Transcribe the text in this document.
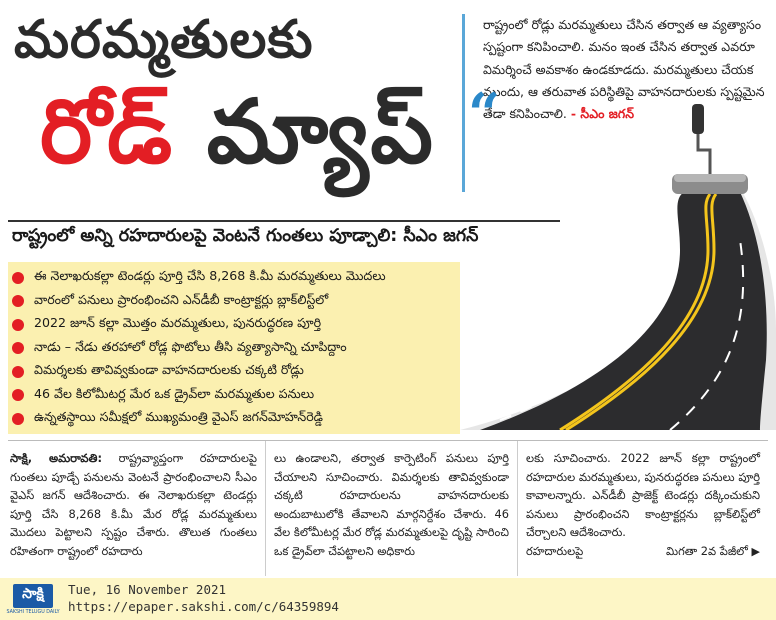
మరమ్మతులకు
రోడ్ మ్యాప్

రాష్ట్రంలో రోడ్లు మరమ్మతులు చేసిన తర్వాత ఆ వ్యత్యాసం స్పష్టంగా కనిపించాలి. మనం ఇంత చేసిన తర్వాత ఎవరూ విమర్శించే అవకాశం ఉండకూడదు. మరమ్మతులు చేయక ముందు, ఆ తరువాత పరిస్థితిపై వాహనదారులకు స్పష్టమైన తేడా కనిపించాలి. - సీఎం జగన్

“
రాష్ట్రంలో అన్ని రహదారులపై వెంటనే గుంతలు పూడ్చాలి: సీఎం జగన్
ఈ నెలాఖరుకల్లా టెండర్లు పూర్తి చేసి 8,268 కి.మీ మరమ్మతులు మొదలు
వారంలో పనులు ప్రారంభించని ఎన్‌డీబీ కాంట్రాక్టర్లు బ్లాక్‌లిస్ట్‌లో
2022 జూన్ కల్లా మొత్తం మరమ్మతులు, పునరుద్ధరణ పూర్తి
నాడు – నేడు తరహాలో రోడ్ల ఫొటోలు తీసి వ్యత్యాసాన్ని చూపిద్దాం
విమర్శలకు తావివ్వకుండా వాహనదారులకు చక్కటి రోడ్లు
46 వేల కిలోమీటర్ల మేర ఒక డ్రైవ్‌లా మరమ్మతుల పనులు
ఉన్నతస్థాయి సమీక్షలో ముఖ్యమంత్రి వైఎస్ జగన్‌మోహన్‌రెడ్డి
సాక్షి, అమరావతి: రాష్ట్రవ్యాప్తంగా రహదారులపై గుంతలు పూడ్చే పనులను వెంటనే ప్రారంభించాలని సీఎం వైఎస్ జగన్ ఆదేశించారు. ఈ నెలాఖరుకల్లా టెండర్లు పూర్తి చేసి 8,268 కి.మీ మేర రోడ్ల మరమ్మతులు మొదలు పెట్టాలని స్పష్టం చేశారు. తొలుత గుంతలు రహితంగా రాష్ట్రంలో రహదారు
లు ఉండాలని, తర్వాత కార్పెటింగ్ పనులు పూర్తి చేయాలని సూచించారు. విమర్శలకు తావివ్వకుండా చక్కటి రహదారులను వాహనదారులకు అందుబాటులోకి తేవాలని మార్గనిర్దేశం చేశారు. 46 వేల కిలోమీటర్ల మేర రోడ్ల మరమ్మతులపై దృష్టి సారించి ఒక డ్రైవ్‌లా చేపట్టాలని అధికారు
లకు సూచించారు. 2022 జూన్ కల్లా రాష్ట్రంలో రహదారుల మరమ్మతులు, పునరుద్ధరణ పనులు పూర్తి కావాలన్నారు. ఎన్‌డీబీ ప్రాజెక్ట్ టెండర్లు దక్కించుకుని పనులు ప్రారంభించని కాంట్రాక్టర్లను బ్లాక్‌లిస్ట్‌లో చేర్చాలని ఆదేశించారు.
రహదారులపై	మిగతా 2వ పేజీలో ▶
సాక్షి
SAKSHI TELUGU DAILY
Tue, 16 November 2021
https://epaper.sakshi.com/c/64359894
